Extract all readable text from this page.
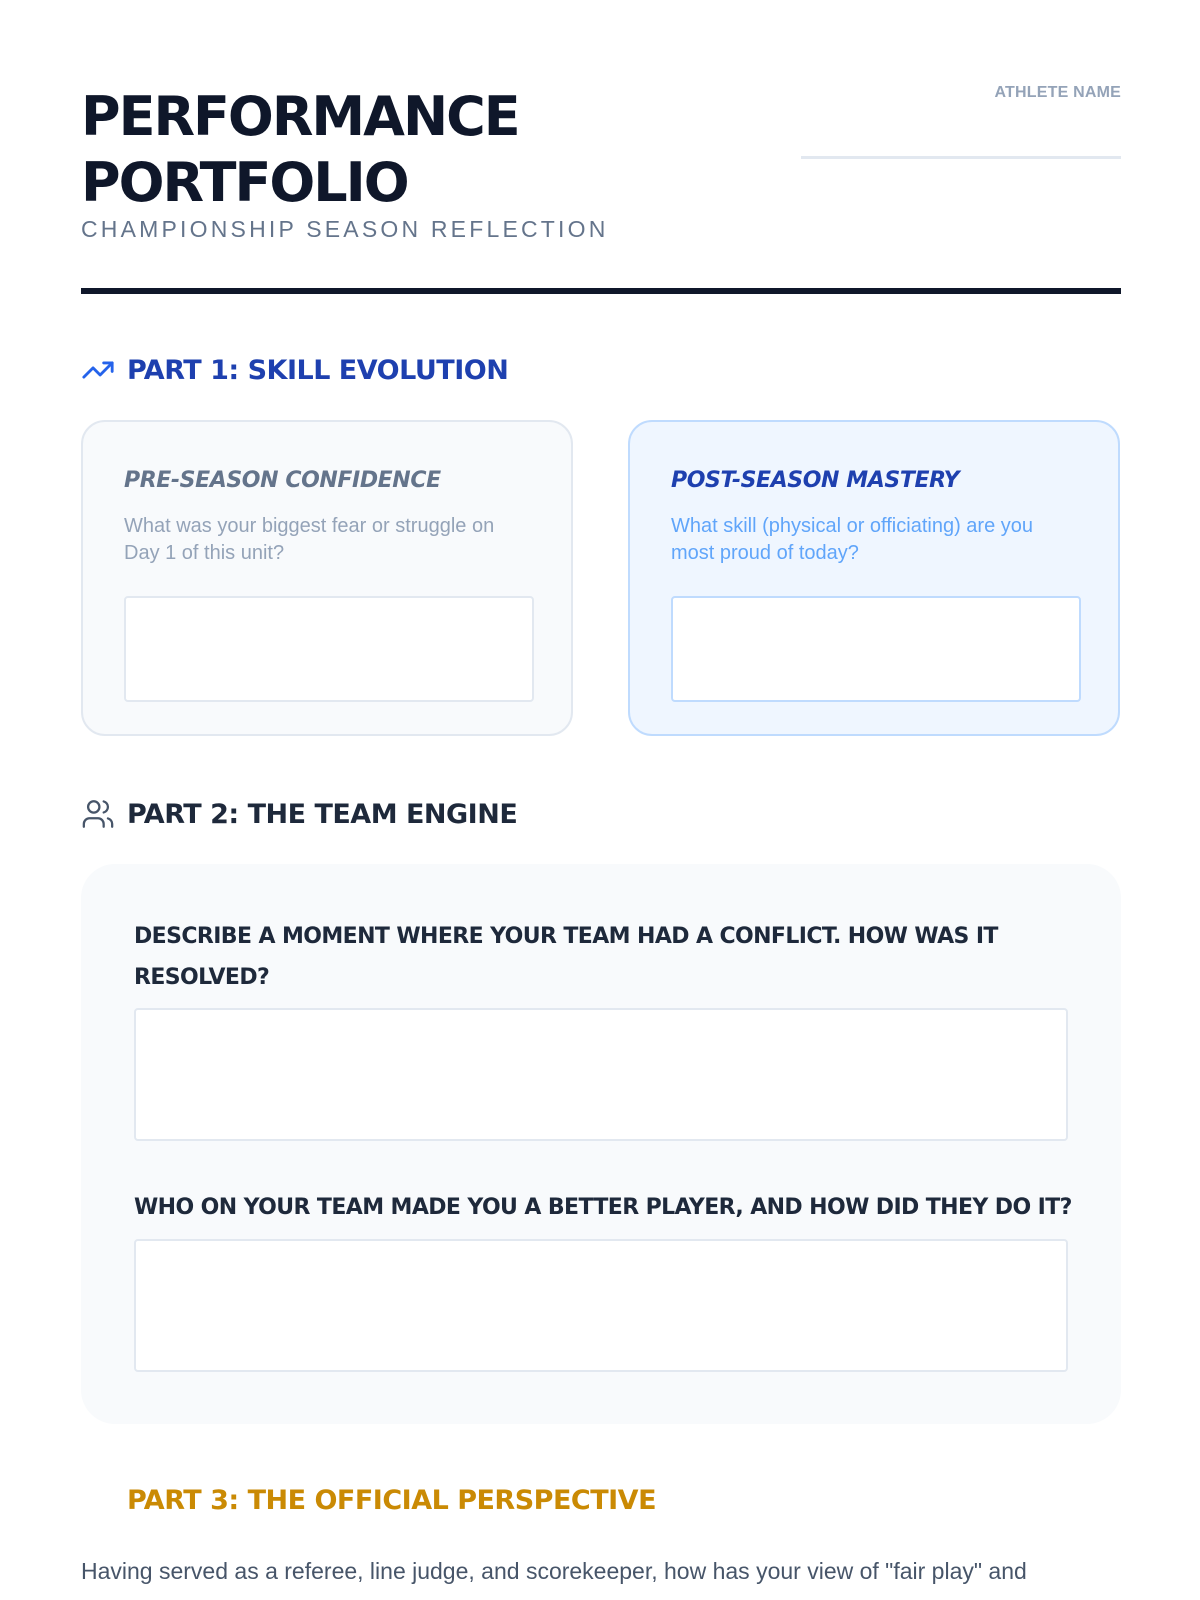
PERFORMANCE
PORTFOLIO
CHAMPIONSHIP SEASON REFLECTION
ATHLETE NAME
PART 1: SKILL EVOLUTION
PRE-SEASON CONFIDENCE
What was your biggest fear or struggle on Day 1 of this unit?
POST-SEASON MASTERY
What skill (physical or officiating) are you most proud of today?
PART 2: THE TEAM ENGINE
DESCRIBE A MOMENT WHERE YOUR TEAM HAD A CONFLICT. HOW WAS IT RESOLVED?
WHO ON YOUR TEAM MADE YOU A BETTER PLAYER, AND HOW DID THEY DO IT?
PART 3: THE OFFICIAL PERSPECTIVE
Having served as a referee, line judge, and scorekeeper, how has your view of "fair play" and
